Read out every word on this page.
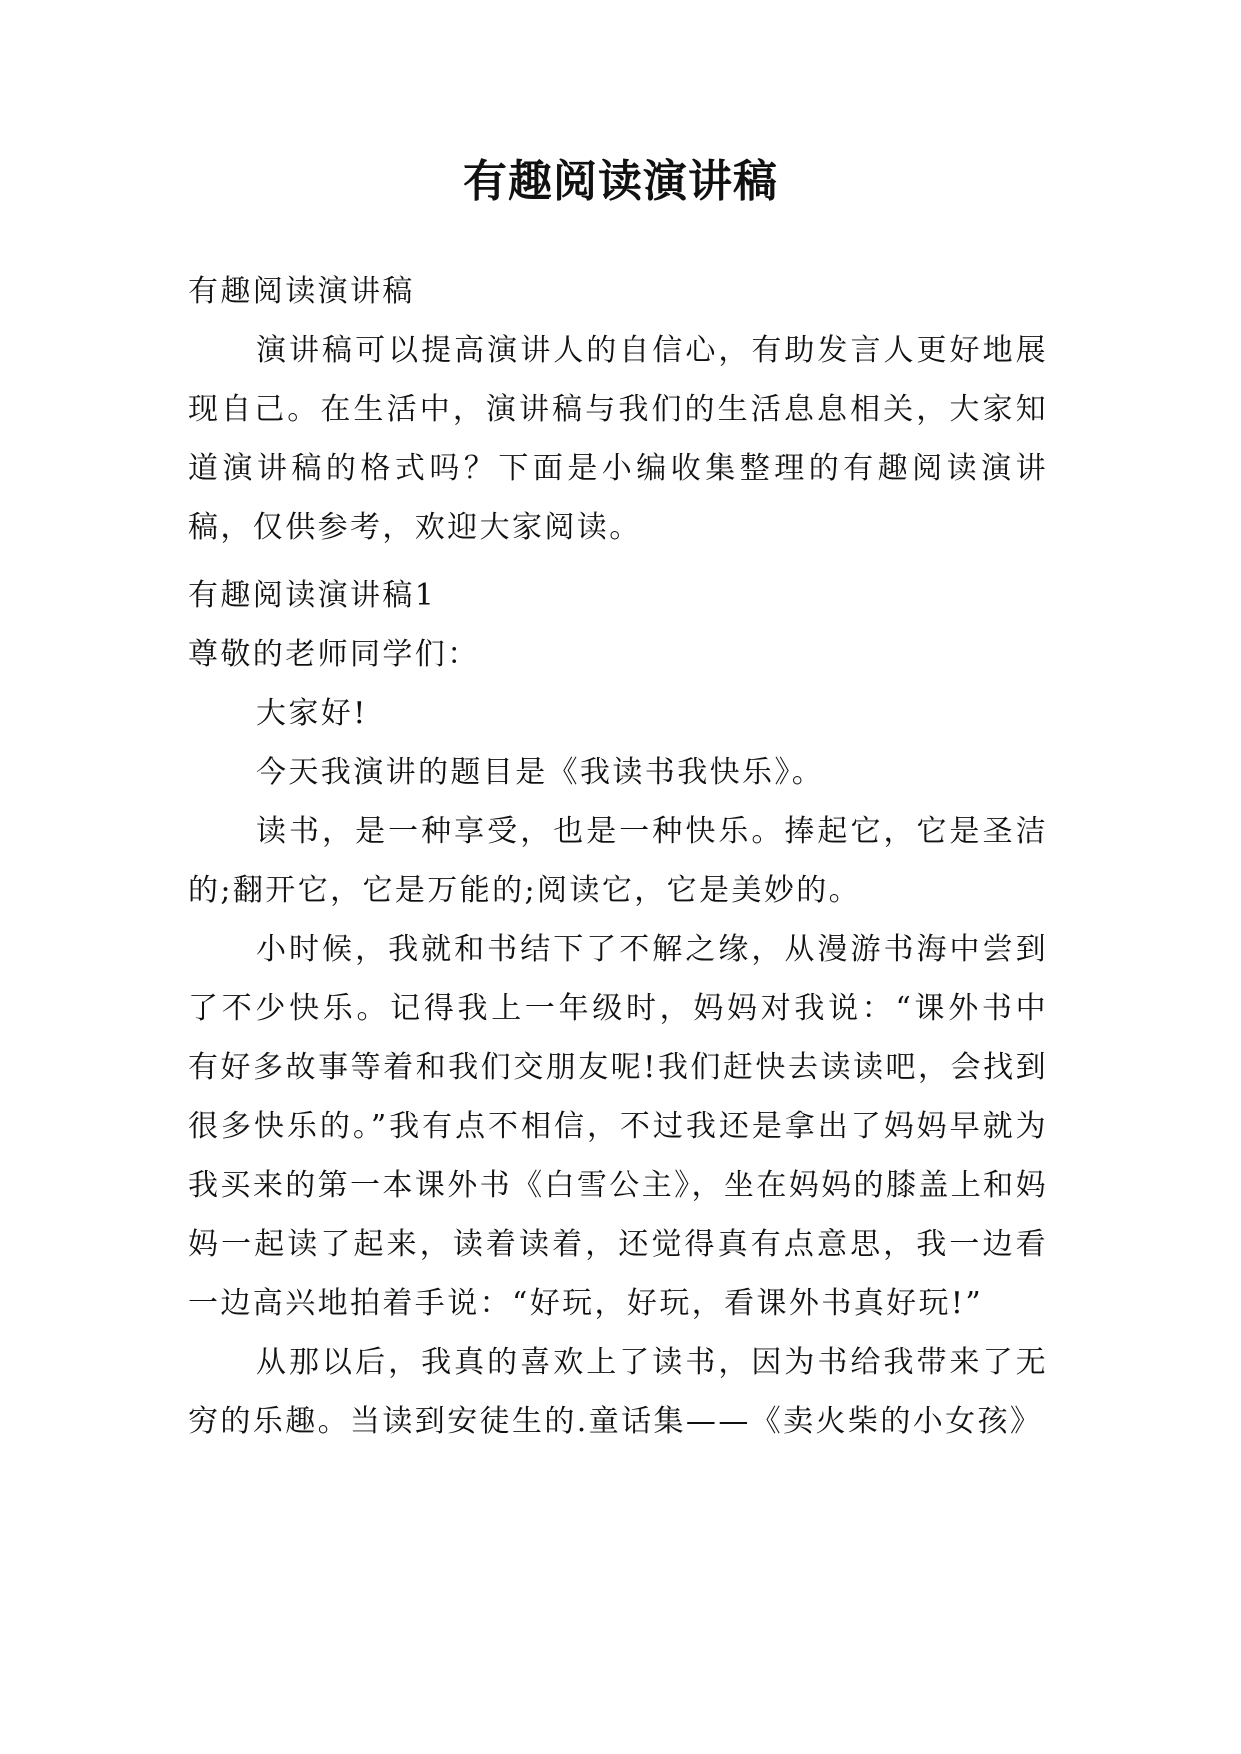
有趣阅读演讲稿

有趣阅读演讲稿

演讲稿可以提高演讲人的自信心，有助发言人更好地展现自己。在生活中，演讲稿与我们的生活息息相关，大家知道演讲稿的格式吗？下面是小编收集整理的有趣阅读演讲稿，仅供参考，欢迎大家阅读。

有趣阅读演讲稿1

尊敬的老师同学们：

大家好!

今天我演讲的题目是《我读书我快乐》。

读书，是一种享受，也是一种快乐。捧起它，它是圣洁的;翻开它，它是万能的;阅读它，它是美妙的。

小时候，我就和书结下了不解之缘，从漫游书海中尝到了不少快乐。记得我上一年级时，妈妈对我说：“课外书中有好多故事等着和我们交朋友呢!我们赶快去读读吧，会找到很多快乐的。”我有点不相信，不过我还是拿出了妈妈早就为我买来的第一本课外书《白雪公主》，坐在妈妈的膝盖上和妈妈一起读了起来，读着读着，还觉得真有点意思，我一边看一边高兴地拍着手说：“好玩，好玩，看课外书真好玩!”

从那以后，我真的喜欢上了读书，因为书给我带来了无穷的乐趣。当读到安徒生的.童话集——《卖火柴的小女孩》
